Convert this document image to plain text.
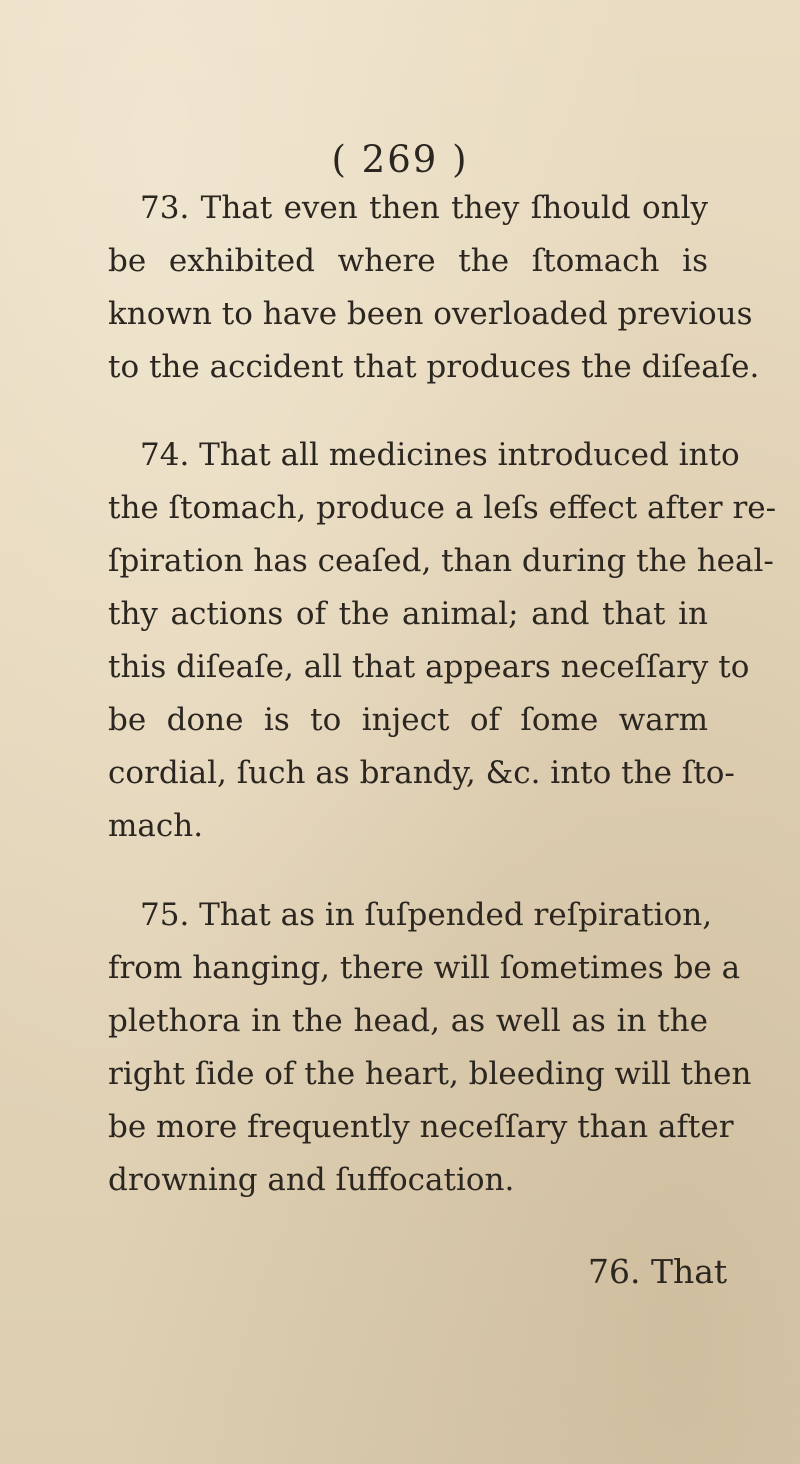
( 269 )
73. That even then they ſhould only
be exhibited where the ſtomach is
known to have been overloaded previous
to the accident that produces the diſeaſe.
74. That all medicines introduced into
the ſtomach, produce a leſs effect after re-
ſpiration has ceaſed, than during the heal-
thy actions of the animal; and that in
this diſeaſe, all that appears neceſſary to
be done is to inject of ſome warm
cordial, ſuch as brandy, &c. into the ſto-
mach.
75. That as in ſuſpended reſpiration,
from hanging, there will ſometimes be a
plethora in the head, as well as in the
right ſide of the heart, bleeding will then
be more frequently neceſſary than after
drowning and ſuffocation.
76. That
